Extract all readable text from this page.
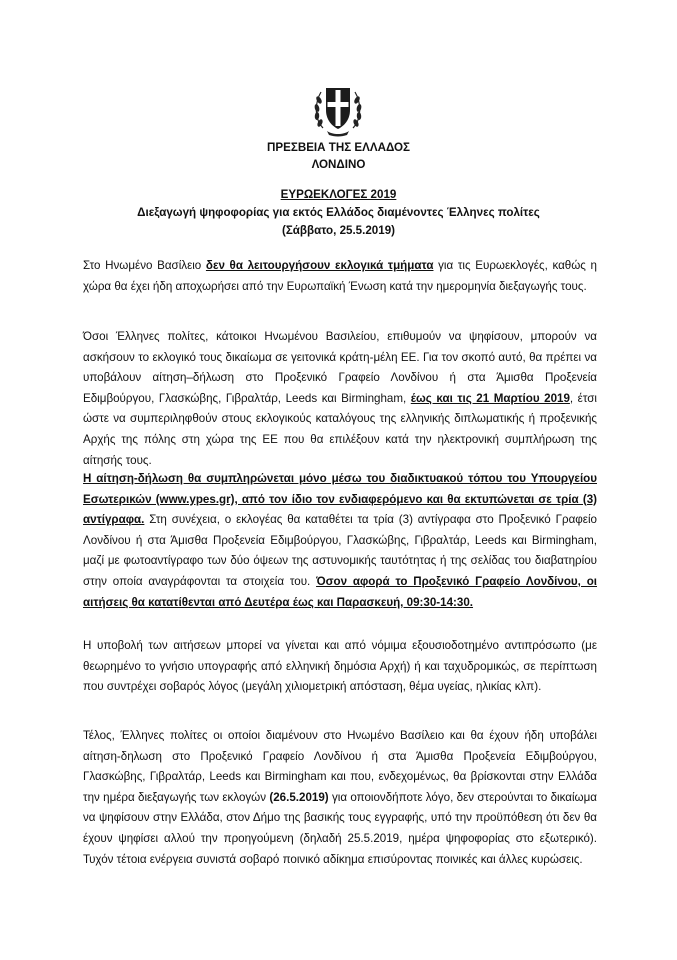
ΠΡΕΣΒΕΙΑ ΤΗΣ ΕΛΛΑΔΟΣ
ΛΟΝΔΙΝΟ
ΕΥΡΩΕΚΛΟΓΕΣ 2019
Διεξαγωγή ψηφοφορίας για εκτός Ελλάδος διαμένοντες Έλληνες πολίτες
(Σάββατο, 25.5.2019)
Στο Ηνωμένο Βασίλειο δεν θα λειτουργήσουν εκλογικά τμήματα για τις Ευρωεκλογές, καθώς η χώρα θα έχει ήδη αποχωρήσει από την Ευρωπαϊκή Ένωση κατά την ημερομηνία διεξαγωγής τους.
Όσοι Έλληνες πολίτες, κάτοικοι Ηνωμένου Βασιλείου, επιθυμούν να ψηφίσουν, μπορούν να ασκήσουν το εκλογικό τους δικαίωμα σε γειτονικά κράτη-μέλη ΕΕ. Για τον σκοπό αυτό, θα πρέπει να υποβάλουν αίτηση–δήλωση στο Προξενικό Γραφείο Λονδίνου ή στα Άμισθα Προξενεία Εδιμβούργου, Γλασκώβης, Γιβραλτάρ, Leeds και Birmingham, έως και τις 21 Μαρτίου 2019, έτσι ώστε να συμπεριληφθούν στους εκλογικούς καταλόγους της ελληνικής διπλωματικής ή προξενικής Αρχής της πόλης στη χώρα της ΕΕ που θα επιλέξουν κατά την ηλεκτρονική συμπλήρωση της αίτησής τους.
Η αίτηση-δήλωση θα συμπληρώνεται μόνο μέσω του διαδικτυακού τόπου του Υπουργείου Εσωτερικών (www.ypes.gr), από τον ίδιο τον ενδιαφερόμενο και θα εκτυπώνεται σε τρία (3) αντίγραφα. Στη συνέχεια, ο εκλογέας θα καταθέτει τα τρία (3) αντίγραφα στο Προξενικό Γραφείο Λονδίνου ή στα Άμισθα Προξενεία Εδιμβούργου, Γλασκώβης, Γιβραλτάρ, Leeds και Birmingham, μαζί με φωτοαντίγραφο των δύο όψεων της αστυνομικής ταυτότητας ή της σελίδας του διαβατηρίου στην οποία αναγράφονται τα στοιχεία του. Όσον αφορά το Προξενικό Γραφείο Λονδίνου, οι αιτήσεις θα κατατίθενται από Δευτέρα έως και Παρασκευή, 09:30-14:30.
Η υποβολή των αιτήσεων μπορεί να γίνεται και από νόμιμα εξουσιοδοτημένο αντιπρόσωπο (με θεωρημένο το γνήσιο υπογραφής από ελληνική δημόσια Αρχή) ή και ταχυδρομικώς, σε περίπτωση που συντρέχει σοβαρός λόγος (μεγάλη χιλιομετρική απόσταση, θέμα υγείας, ηλικίας κλπ).
Τέλος, Έλληνες πολίτες οι οποίοι διαμένουν στο Ηνωμένο Βασίλειο και θα έχουν ήδη υποβάλει αίτηση-δηλωση στο Προξενικό Γραφείο Λονδίνου ή στα Άμισθα Προξενεία Εδιμβούργου, Γλασκώβης, Γιβραλτάρ, Leeds και Birmingham και που, ενδεχομένως, θα βρίσκονται στην Ελλάδα την ημέρα διεξαγωγής των εκλογών (26.5.2019) για οποιονδήποτε λόγο, δεν στερούνται το δικαίωμα να ψηφίσουν στην Ελλάδα, στον Δήμο της βασικής τους εγγραφής, υπό την προϋπόθεση ότι δεν θα έχουν ψηφίσει αλλού την προηγούμενη (δηλαδή 25.5.2019, ημέρα ψηφοφορίας στο εξωτερικό). Τυχόν τέτοια ενέργεια συνιστά σοβαρό ποινικό αδίκημα επισύροντας ποινικές και άλλες κυρώσεις.
